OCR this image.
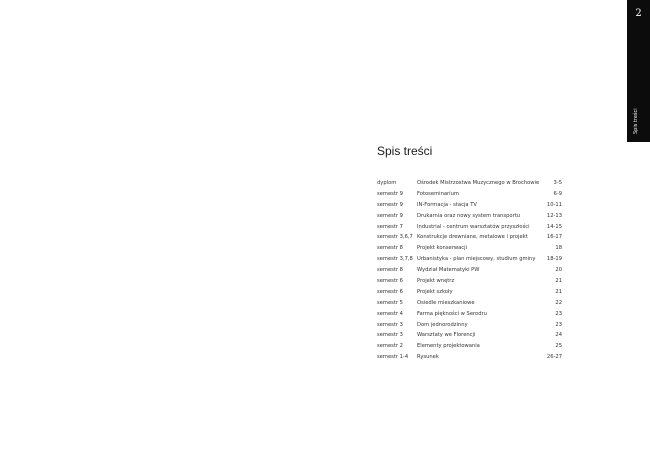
2
Spis treści
Spis treści
dyplom	Ośrodek Mistrzostwa Muzycznego w Brochowie	3-5
semestr 9	Fotoseminarium	6-9
semestr 9	IN-Formacja - stacja TV	10-11
semestr 9	Drukarnia oraz nowy system transportu	12-13
semestr 7	Industrial - centrum warsztatów przyszłości	14-15
semestr 3,6,7 Konstrukcje drewniane, metalowe i projekt	16-17
semestr 8	Projekt konserwacji	18
semestr 3,7,8 Urbanistyka - plan miejscowy, studium gminy 18-19
semestr 8	Wydział Matematyki PW	20
semestr 6	Projekt wnętrz	21
semestr 6	Projekt szkoły	21
semestr 5	Osiedle mieszkaniowe	22
semestr 4	Farma piękności w Serodru	23
semestr 3	Dom jednorodzinny	23
semestr 3	Warsztaty we Florencji	24
semestr 2	Elementy projektowania	25
semestr 1-4 Rysunek	26-27
